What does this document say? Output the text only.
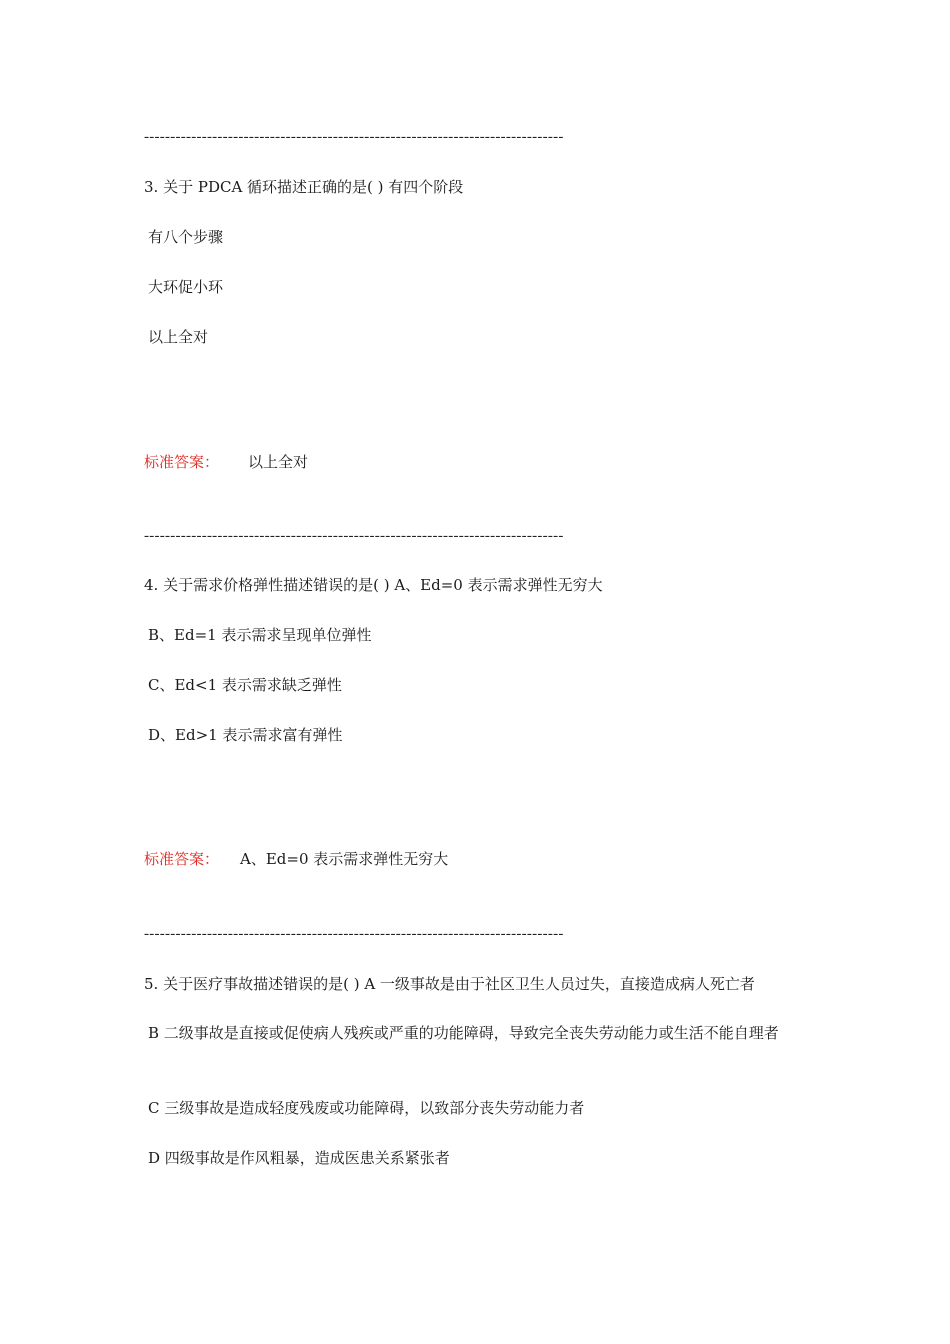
--------------------------------------------------------------------------------
3. 关于 PDCA 循环描述正确的是( ) 有四个阶段
有八个步骤
大环促小环
以上全对
标准答案： 以上全对
--------------------------------------------------------------------------------
4. 关于需求价格弹性描述错误的是( ) A、Ed=0 表示需求弹性无穷大
B、Ed=1 表示需求呈现单位弹性
C、Ed<1 表示需求缺乏弹性
D、Ed>1 表示需求富有弹性
标准答案： A、Ed=0 表示需求弹性无穷大
--------------------------------------------------------------------------------
5. 关于医疗事故描述错误的是( ) A 一级事故是由于社区卫生人员过失，直接造成病人死亡者
B 二级事故是直接或促使病人残疾或严重的功能障碍，导致完全丧失劳动能力或生活不能自理者
C 三级事故是造成轻度残废或功能障碍，以致部分丧失劳动能力者
D 四级事故是作风粗暴，造成医患关系紧张者
